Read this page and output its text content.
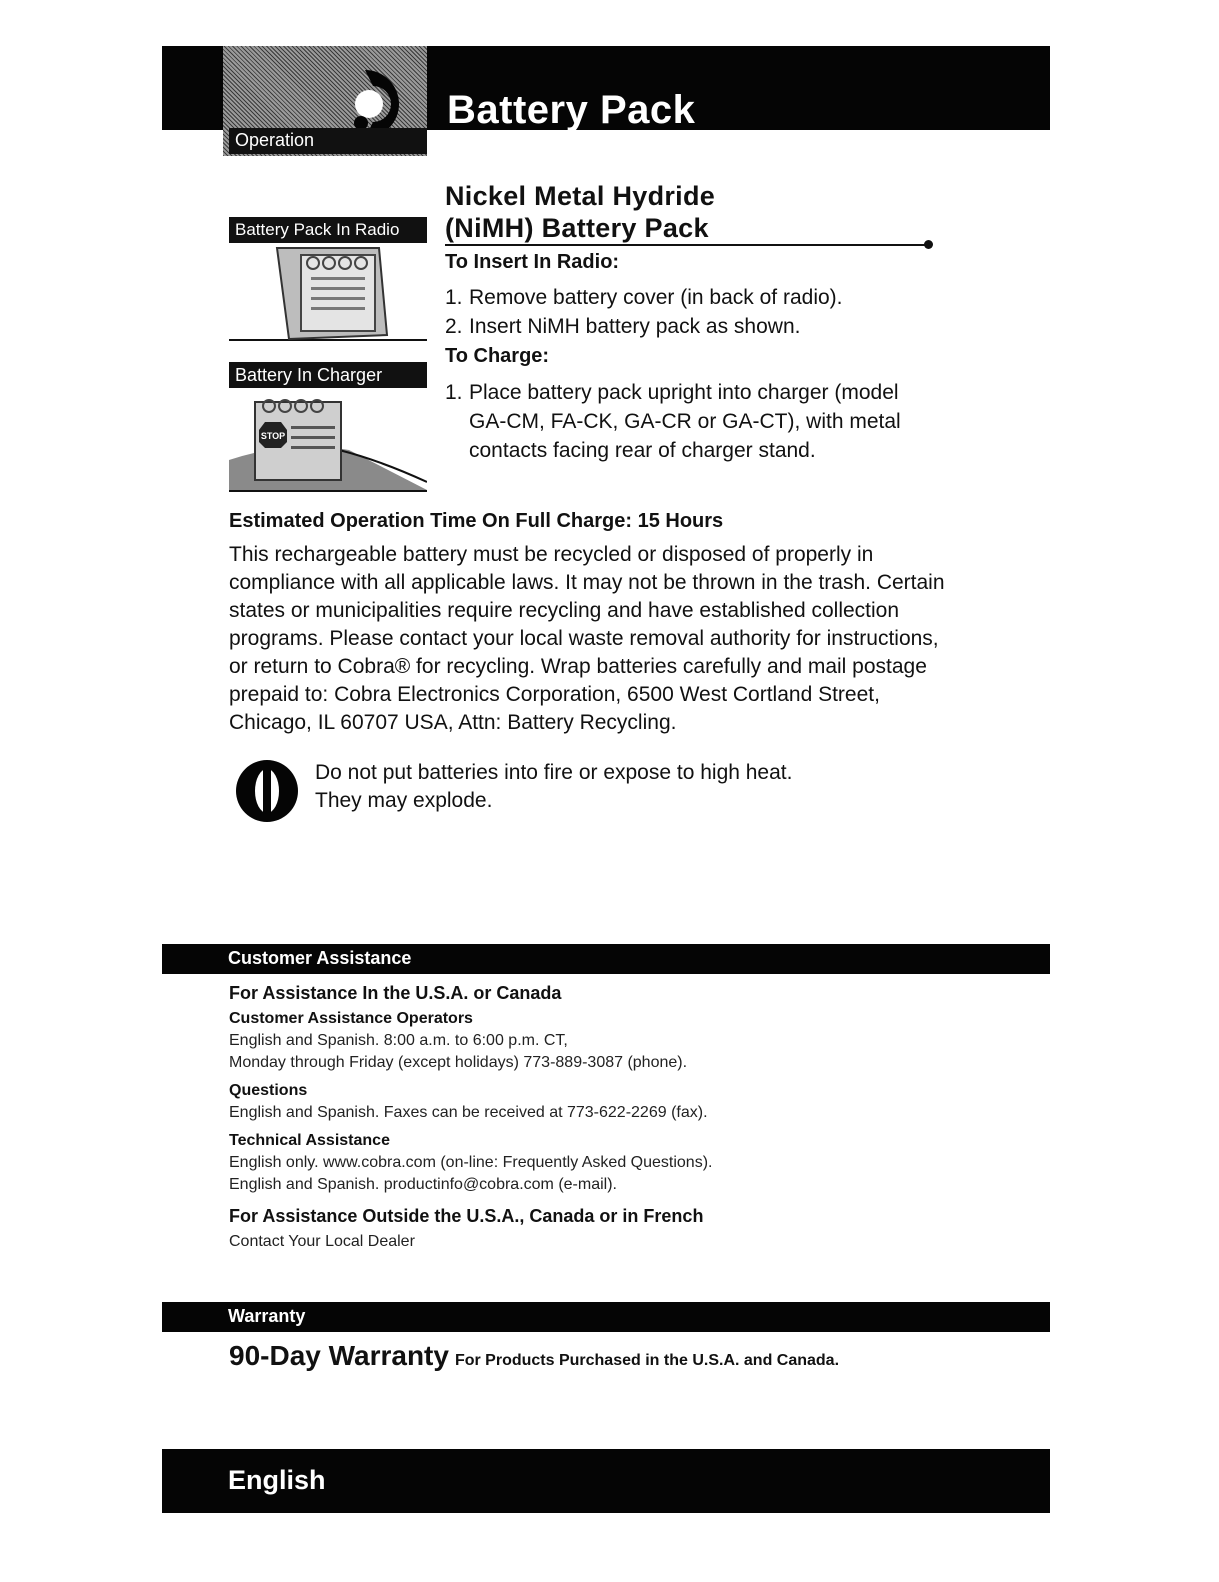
Operation
Battery Pack
Battery Pack In Radio
Battery In Charger
STOP
Nickel Metal Hydride
(NiMH) Battery Pack
To Insert In Radio:
1. Remove battery cover (in back of radio).
2. Insert NiMH battery pack as shown.
To Charge:
1. Place battery pack upright into charger (model GA-CM, FA-CK, GA-CR or GA-CT), with metal contacts facing rear of charger stand.
Estimated Operation Time On Full Charge: 15 Hours

This rechargeable battery must be recycled or disposed of properly in compliance with all applicable laws. It may not be thrown in the trash. Certain states or municipalities require recycling and have established collection programs. Please contact your local waste removal authority for instructions, or return to Cobra® for recycling. Wrap batteries carefully and mail postage prepaid to: Cobra Electronics Corporation, 6500 West Cortland Street, Chicago, IL 60707 USA, Attn: Battery Recycling.

Do not put batteries into fire or expose to high heat.
They may explode.
Customer Assistance

For Assistance In the U.S.A. or Canada

Customer Assistance Operators

English and Spanish. 8:00 a.m. to 6:00 p.m. CT,

Monday through Friday (except holidays) 773-889-3087 (phone).

Questions

English and Spanish. Faxes can be received at 773-622-2269 (fax).

Technical Assistance

English only. www.cobra.com (on-line: Frequently Asked Questions).

English and Spanish. productinfo@cobra.com (e-mail).

For Assistance Outside the U.S.A., Canada or in French

Contact Your Local Dealer

Warranty
90-Day Warranty For Products Purchased in the U.S.A. and Canada.
English
